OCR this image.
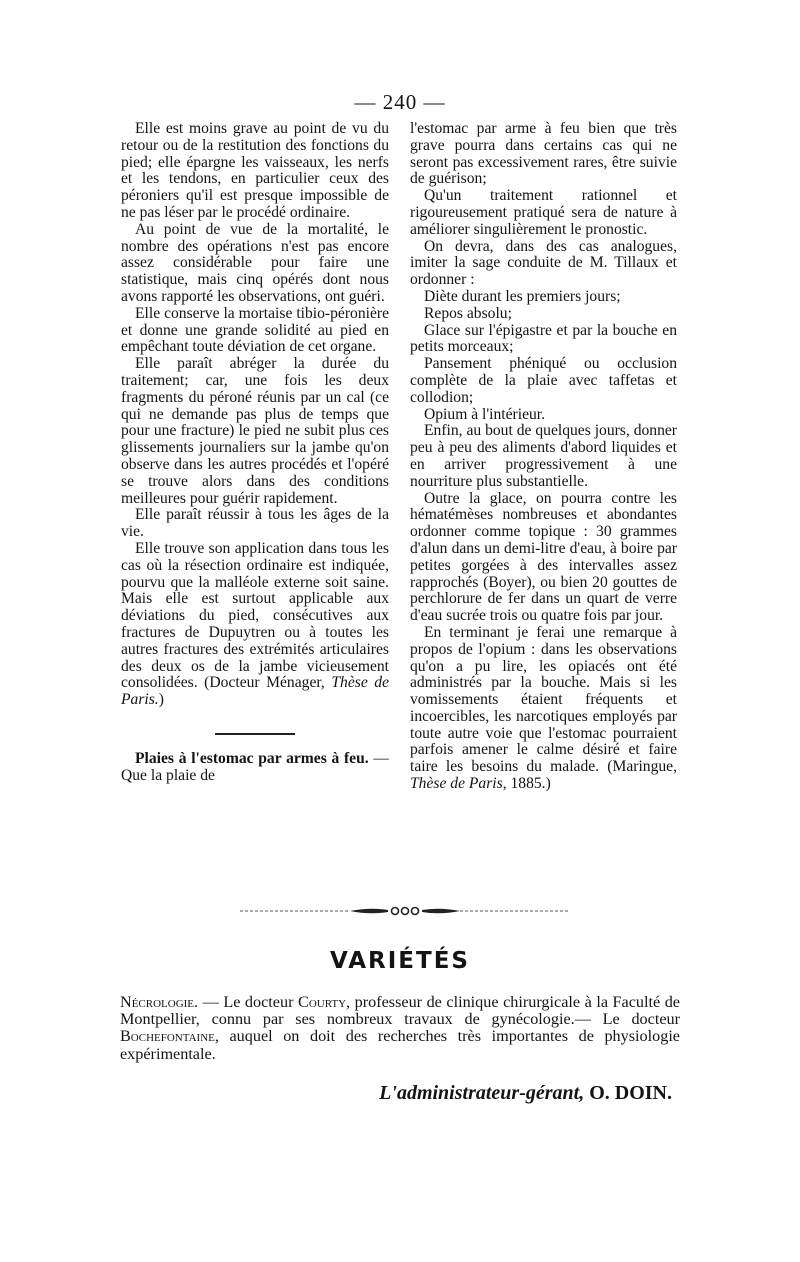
— 240 —

Elle est moins grave au point de vu du retour ou de la restitution des fonctions du pied; elle épargne les vaisseaux, les nerfs et les tendons, en particulier ceux des péroniers qu'il est presque impossible de ne pas léser par le procédé ordinaire.

Au point de vue de la mortalité, le nombre des opérations n'est pas encore assez considérable pour faire une statistique, mais cinq opérés dont nous avons rapporté les observations, ont guéri.

Elle conserve la mortaise tibio-péronière et donne une grande solidité au pied en empêchant toute déviation de cet organe.

Elle paraît abréger la durée du traitement; car, une fois les deux fragments du péroné réunis par un cal (ce qui ne demande pas plus de temps que pour une fracture) le pied ne subit plus ces glissements journaliers sur la jambe qu'on observe dans les autres procédés et l'opéré se trouve alors dans des conditions meilleures pour guérir rapidement.

Elle paraît réussir à tous les âges de la vie.

Elle trouve son application dans tous les cas où la résection ordinaire est indiquée, pourvu que la malléole externe soit saine. Mais elle est surtout applicable aux déviations du pied, consécutives aux fractures de Dupuytren ou à toutes les autres fractures des extrémités articulaires des deux os de la jambe vicieusement consolidées. (Docteur Ménager, Thèse de Paris.)

Plaies à l'estomac par armes à feu. — Que la plaie de

l'estomac par arme à feu bien que très grave pourra dans certains cas qui ne seront pas excessivement rares, être suivie de guérison;

Qu'un traitement rationnel et rigoureusement pratiqué sera de nature à améliorer singulièrement le pronostic.

On devra, dans des cas analogues, imiter la sage conduite de M. Tillaux et ordonner :

Diète durant les premiers jours;

Repos absolu;

Glace sur l'épigastre et par la bouche en petits morceaux;

Pansement phéniqué ou occlusion complète de la plaie avec taffetas et collodion;

Opium à l'intérieur.

Enfin, au bout de quelques jours, donner peu à peu des aliments d'abord liquides et en arriver progressivement à une nourriture plus substantielle.

Outre la glace, on pourra contre les hématémèses nombreuses et abondantes ordonner comme topique : 30 grammes d'alun dans un demi-litre d'eau, à boire par petites gorgées à des intervalles assez rapprochés (Boyer), ou bien 20 gouttes de perchlorure de fer dans un quart de verre d'eau sucrée trois ou quatre fois par jour.

En terminant je ferai une remarque à propos de l'opium : dans les observations qu'on a pu lire, les opiacés ont été administrés par la bouche. Mais si les vomissements étaient fréquents et incoercibles, les narcotiques employés par toute autre voie que l'estomac pourraient parfois amener le calme désiré et faire taire les besoins du malade. (Maringue, Thèse de Paris, 1885.)

VARIÉTÉS

Nécrologie. — Le docteur Courty, professeur de clinique chirurgicale à la Faculté de Montpellier, connu par ses nombreux travaux de gynécologie.— Le docteur Bochefontaine, auquel on doit des recherches très importantes de physiologie expérimentale.

L'administrateur-gérant, O. DOIN.
